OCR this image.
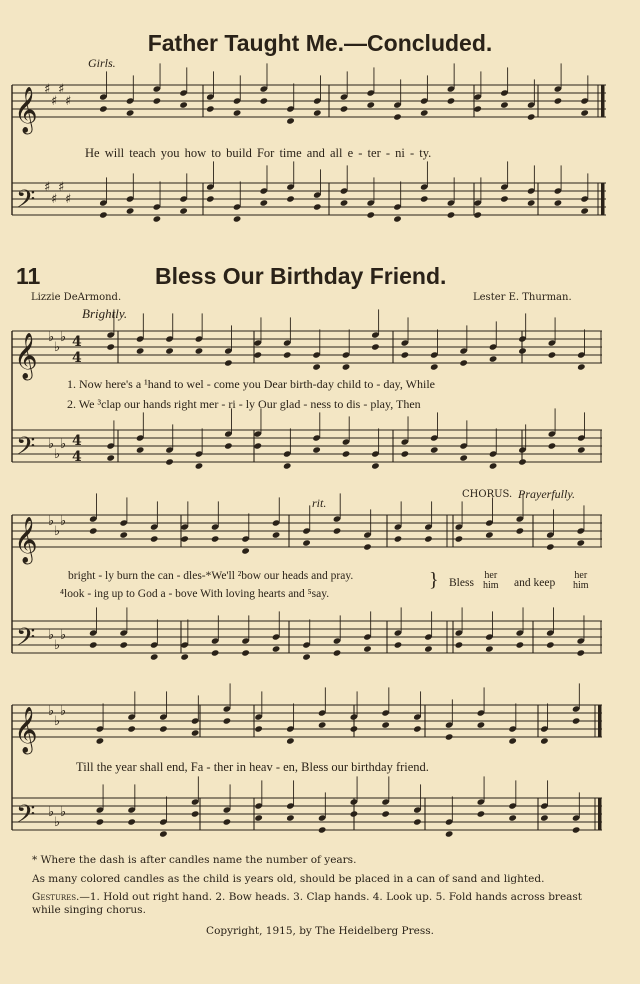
𝄞
𝄢
𝄞
𝄢
4
4
4
4
𝄞
𝄢
𝄞
𝄢
♭
♭
♭
♭
♭
♭
♭
♭
♭
♭
♭
♭
♭
♭
♭
♭
♭
♭
♯
♯
♯
♯
♯
♯
♯
♯
Father Taught Me.—Concluded.
Girls.
He will teach you how to build For time and all e - ter - ni - ty.
11	Bless Our Birthday Friend.
Lizzie DeArmond.	Lester E. Thurman.
Brightly.
1. Now here's a ¹hand to wel - come you Dear birth-day child to - day, While
2. We ³clap our hands right mer - ri - ly Our glad - ness to dis - play, Then
rit.
CHORUS. Prayerfully.
bright - ly burn the can - dles-*We'll ²bow our heads and pray.
⁴look - ing up to God a - bove With loving hearts and ⁵say.
} Bless
her
him and keep
her
him
Till the year shall end, Fa - ther in heav - en, Bless our birthday friend.
* Where the dash is after candles name the number of years.
As many colored candles as the child is years old, should be placed in a can of sand and lighted.
Gestures.—1. Hold out right hand. 2. Bow heads. 3. Clap hands. 4. Look up. 5. Fold hands across breast while singing chorus.
Copyright, 1915, by The Heidelberg Press.
